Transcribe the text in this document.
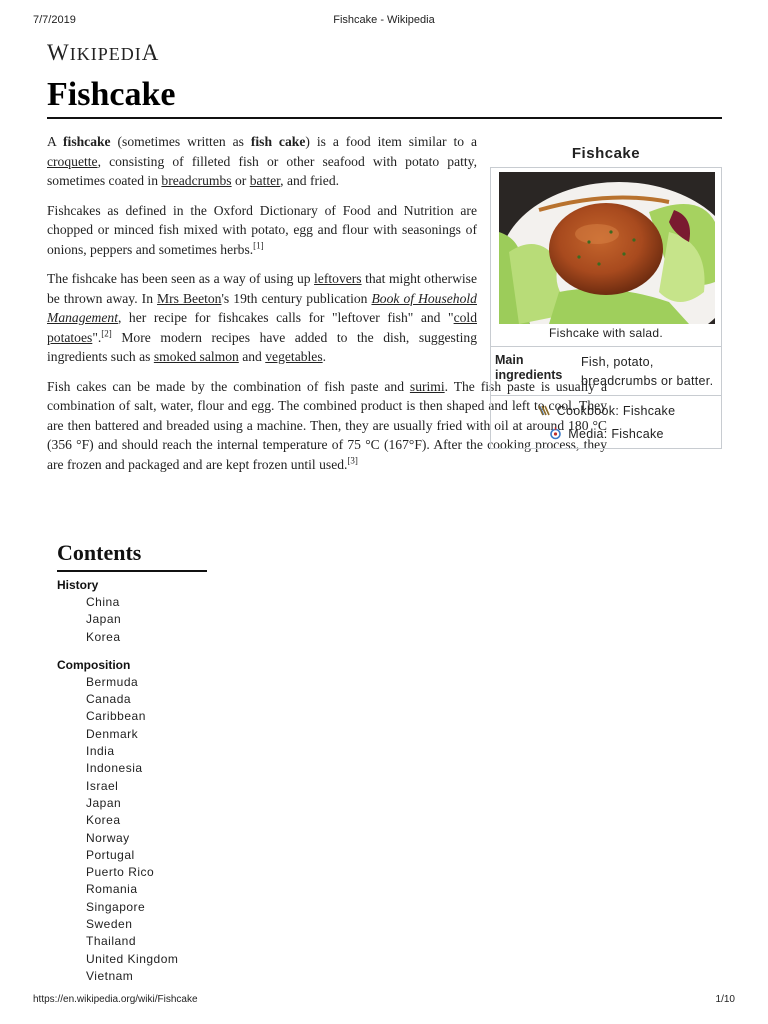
7/7/2019	Fishcake - Wikipedia
WIKIPEDIA
Fishcake

A fishcake (sometimes written as fish cake) is a food item similar to a croquette, consisting of filleted fish or other seafood with potato patty, sometimes coated in breadcrumbs or batter, and fried.

Fishcakes as defined in the Oxford Dictionary of Food and Nutrition are chopped or minced fish mixed with potato, egg and flour with seasonings of onions, peppers and sometimes herbs.[1]

The fishcake has been seen as a way of using up leftovers that might otherwise be thrown away. In Mrs Beeton's 19th century publication Book of Household Management, her recipe for fishcakes calls for "leftover fish" and "cold potatoes".[2] More modern recipes have added to the dish, suggesting ingredients such as smoked salmon and vegetables.

Fish cakes can be made by the combination of fish paste and surimi. The fish paste is usually a combination of salt, water, flour and egg. The combined product is then shaped and left to cool. They are then battered and breaded using a machine. Then, they are usually fried with oil at around 180 °C (356 °F) and should reach the internal temperature of 75 °C (167°F). After the cooking process, they are frozen and packaged and are kept frozen until used.[3]

Fishcake
Fishcake with salad.
Main ingredients
Fish, potato, breadcrumbs or batter.
Cookbook: Fishcake
Media: Fishcake
Contents
History
China
Japan
Korea
Composition
Bermuda
Canada
Caribbean
Denmark
India
Indonesia
Israel
Japan
Korea
Norway
Portugal
Puerto Rico
Romania
Singapore
Sweden
Thailand
United Kingdom
Vietnam
https://en.wikipedia.org/wiki/Fishcake	1/10
